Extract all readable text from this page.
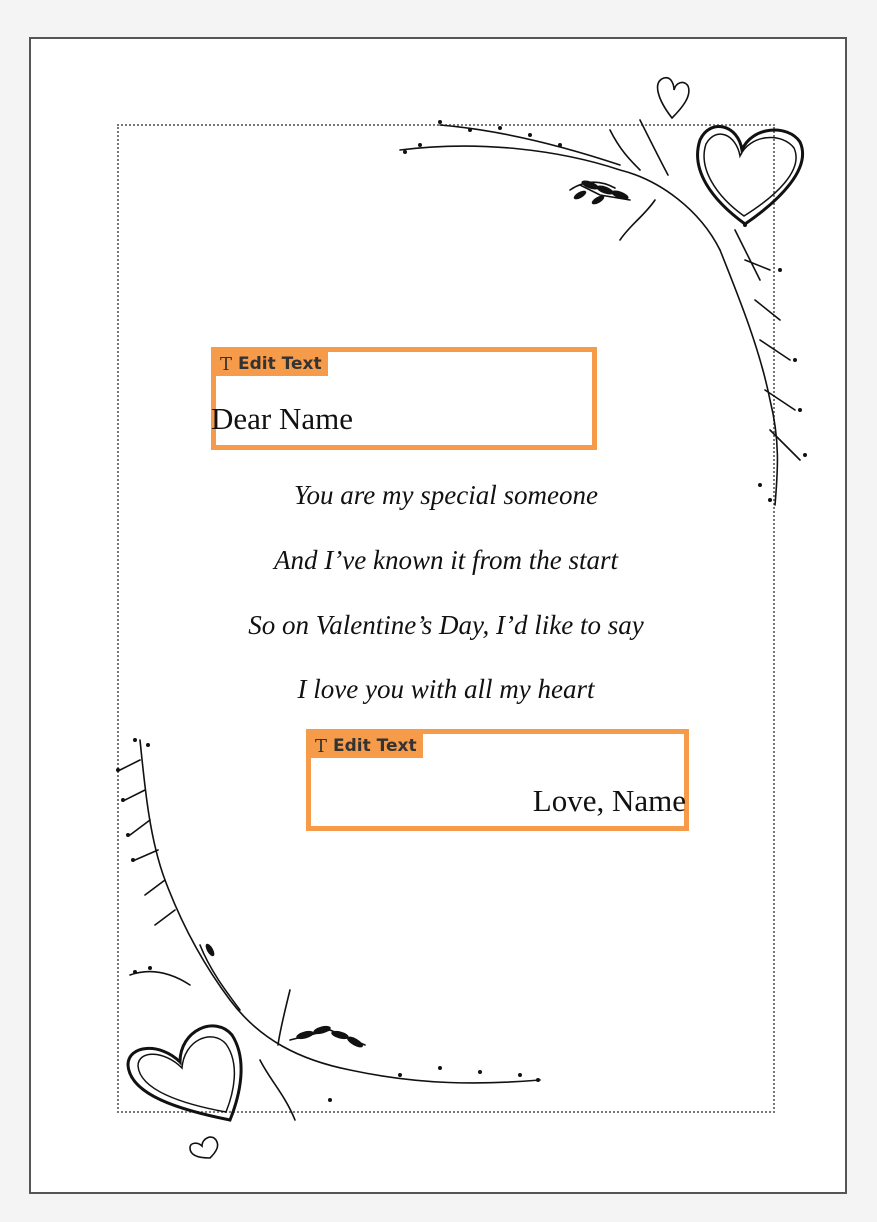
T Edit Text
Dear Name
You are my special someone
And I’ve known it from the start
So on Valentine’s Day, I’d like to say
I love you with all my heart
T Edit Text
Love, Name
